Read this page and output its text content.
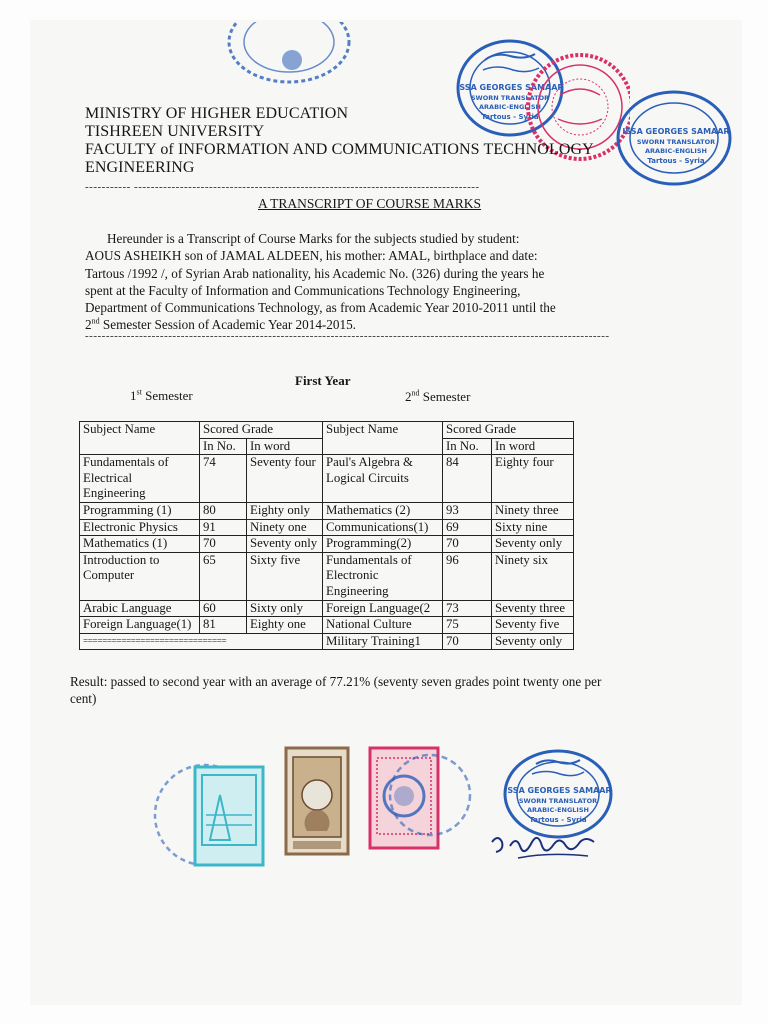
ISSA GEORGES SAMAAR
SWORN TRANSLATOR
ARABIC-ENGLISH
Tartous - Syria
ISSA GEORGES SAMAAR
SWORN TRANSLATOR
ARABIC-ENGLISH
Tartous - Syria
MINISTRY OF HIGHER EDUCATION
TISHREEN UNIVERSITY
FACULTY of INFORMATION AND COMMUNICATIONS TECHNOLOGY
ENGINEERING
----------- -----------------------------------------------------------------------------------
A TRANSCRIPT OF COURSE MARKS
Hereunder is a Transcript of Course Marks for the subjects studied by student:
AOUS ASHEIKH son of JAMAL ALDEEN, his mother: AMAL, birthplace and date:
Tartous /1992 /, of Syrian Arab nationality, his Academic No. (326) during the years he
spent at the Faculty of Information and Communications Technology Engineering,
Department of Communications Technology, as from Academic Year 2010-2011 until the
2nd Semester Session of Academic Year 2014-2015.
------------------------------------------------------------------------------------------------------------------------------
First Year
1st Semester	2nd Semester
Subject Name	Scored Grade		Subject Name	Scored Grade	
	In No.	In word		In No.	In word
Fundamentals of Electrical Engineering	74	Seventy four	Paul's Algebra & Logical Circuits	84	Eighty four
Programming (1)	80	Eighty only	Mathematics (2)	93	Ninety three
Electronic Physics	91	Ninety one	Communications(1)	69	Sixty nine
Mathematics (1)	70	Seventy only	Programming(2)	70	Seventy only
Introduction to Computer	65	Sixty five	Fundamentals of Electronic Engineering	96	Ninety six
Arabic Language	60	Sixty only	Foreign Language(2	73	Seventy three
Foreign Language(1)	81	Eighty one	National Culture	75	Seventy five
==============================			Military Training1	70	Seventy only
Result: passed to second year with an average of 77.21% (seventy seven grades point twenty one per cent)
ISSA GEORGES SAMAAR
SWORN TRANSLATOR
ARABIC-ENGLISH
Tartous - Syria
